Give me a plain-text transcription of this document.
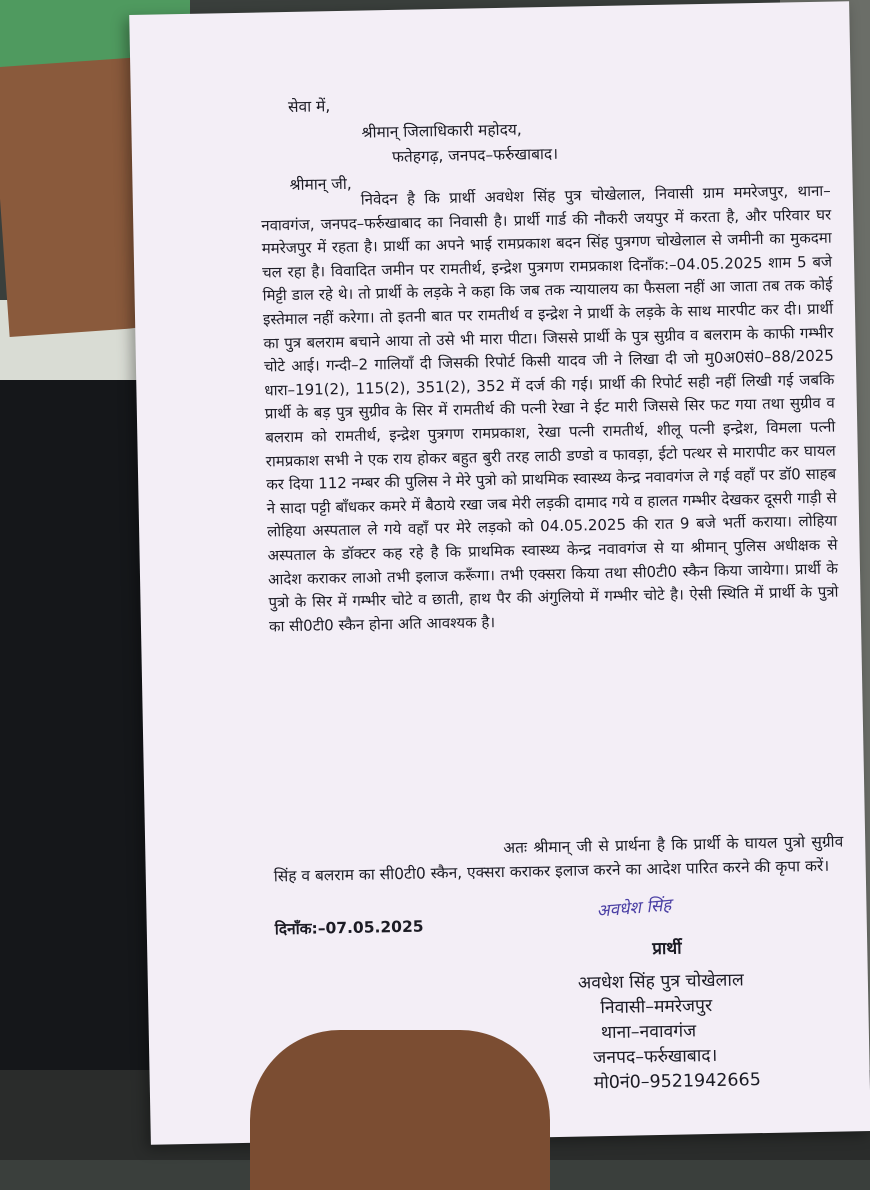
सेवा में,
श्रीमान् जिलाधिकारी महोदय,
फतेहगढ़, जनपद–फर्रुखाबाद।
श्रीमान् जी, निवेदन है कि प्रार्थी अवधेश सिंह पुत्र चोखेलाल, निवासी ग्राम ममरेजपुर, थाना–नवावगंज, जनपद–फर्रुखाबाद का निवासी है। प्रार्थी गार्ड की नौकरी जयपुर में करता है, और परिवार घर ममरेजपुर में रहता है। प्रार्थी का अपने भाई रामप्रकाश बदन सिंह पुत्रगण चोखेलाल से जमीनी का मुकदमा चल रहा है। विवादित जमीन पर रामतीर्थ, इन्द्रेश पुत्रगण रामप्रकाश दिनाँक:–04.05.2025 शाम 5 बजे मिट्टी डाल रहे थे। तो प्रार्थी के लड़के ने कहा कि जब तक न्यायालय का फैसला नहीं आ जाता तब तक कोई इस्तेमाल नहीं करेगा। तो इतनी बात पर रामतीर्थ व इन्द्रेश ने प्रार्थी के लड़के के साथ मारपीट कर दी। प्रार्थी का पुत्र बलराम बचाने आया तो उसे भी मारा पीटा। जिससे प्रार्थी के पुत्र सुग्रीव व बलराम के काफी गम्भीर चोटे आई। गन्दी–2 गालियाँ दी जिसकी रिपोर्ट किसी यादव जी ने लिखा दी जो मु0अ0सं0–88/2025 धारा–191(2), 115(2), 351(2), 352 में दर्ज की गई। प्रार्थी की रिपोर्ट सही नहीं लिखी गई जबकि प्रार्थी के बड़ पुत्र सुग्रीव के सिर में रामतीर्थ की पत्नी रेखा ने ईट मारी जिससे सिर फट गया तथा सुग्रीव व बलराम को रामतीर्थ, इन्द्रेश पुत्रगण रामप्रकाश, रेखा पत्नी रामतीर्थ, शीलू पत्नी इन्द्रेश, विमला पत्नी रामप्रकाश सभी ने एक राय होकर बहुत बुरी तरह लाठी डण्डो व फावड़ा, ईटो पत्थर से मारापीट कर घायल कर दिया 112 नम्बर की पुलिस ने मेरे पुत्रो को प्राथमिक स्वास्थ्य केन्द्र नवावगंज ले गई वहाँ पर डॉ0 साहब ने सादा पट्टी बाँधकर कमरे में बैठाये रखा जब मेरी लड़की दामाद गये व हालत गम्भीर देखकर दूसरी गाड़ी से लोहिया अस्पताल ले गये वहाँ पर मेरे लड़को को 04.05.2025 की रात 9 बजे भर्ती कराया। लोहिया अस्पताल के डॉक्टर कह रहे है कि प्राथमिक स्वास्थ्य केन्द्र नवावगंज से या श्रीमान् पुलिस अधीक्षक से आदेश कराकर लाओ तभी इलाज करूँगा। तभी एक्सरा किया तथा सी0टी0 स्कैन किया जायेगा। प्रार्थी के पुत्रो के सिर में गम्भीर चोटे व छाती, हाथ पैर की अंगुलियो में गम्भीर चोटे है। ऐसी स्थिति में प्रार्थी के पुत्रो का सी0टी0 स्कैन होना अति आवश्यक है।
अतः श्रीमान् जी से प्रार्थना है कि प्रार्थी के घायल पुत्रो सुग्रीव सिंह व बलराम का सी0टी0 स्कैन, एक्सरा कराकर इलाज करने का आदेश पारित करने की कृपा करें।
दिनाँक:–07.05.2025
अवधेश सिंह
प्रार्थी
अवधेश सिंह पुत्र चोखेलाल
निवासी–ममरेजपुर
थाना–नवावगंज
जनपद–फर्रुखाबाद।
मो0नं0–9521942665
